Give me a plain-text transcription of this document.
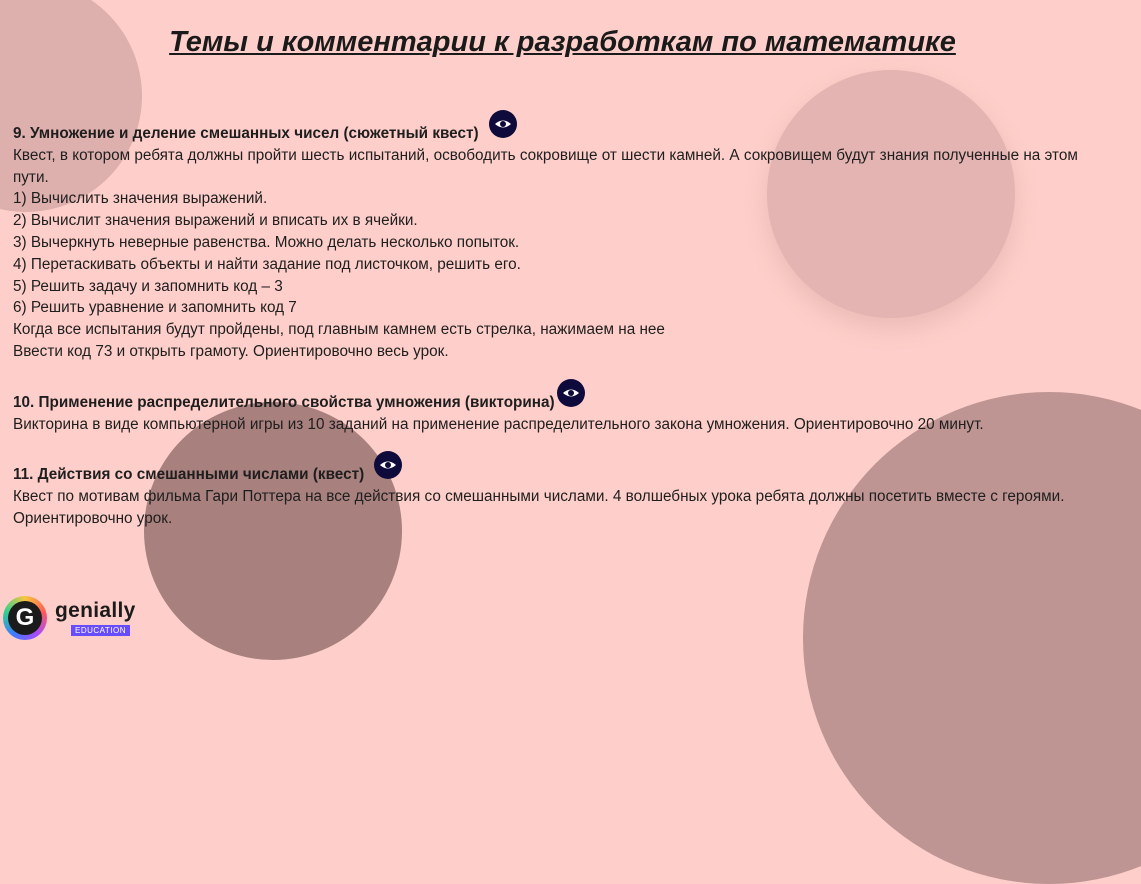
Темы и комментарии к разработкам по математике
9. Умножение и деление смешанных чисел (сюжетный квест)
Квест, в котором ребята должны пройти шесть испытаний, освободить сокровище от шести камней. А сокровищем будут знания полученные на этом пути.
1) Вычислить значения выражений.
2) Вычислит значения выражений и вписать их в ячейки.
3) Вычеркнуть неверные равенства. Можно делать несколько попыток.
4) Перетаскивать объекты и найти задание под листочком, решить его.
5) Решить задачу и запомнить код – 3
6) Решить уравнение и запомнить код 7
Когда все испытания будут пройдены, под главным камнем есть стрелка, нажимаем на нее
Ввести код 73 и открыть грамоту. Ориентировочно весь урок.
10. Применение распределительного свойства умножения (викторина)
Викторина в виде компьютерной игры из 10 заданий на применение распределительного закона умножения. Ориентировочно 20 минут.
11. Действия со смешанными числами (квест)
Квест по мотивам фильма Гари Поттера на все действия со смешанными числами. 4 волшебных урока ребята должны посетить вместе с героями. Ориентировочно урок.
G genially
EDUCATION
